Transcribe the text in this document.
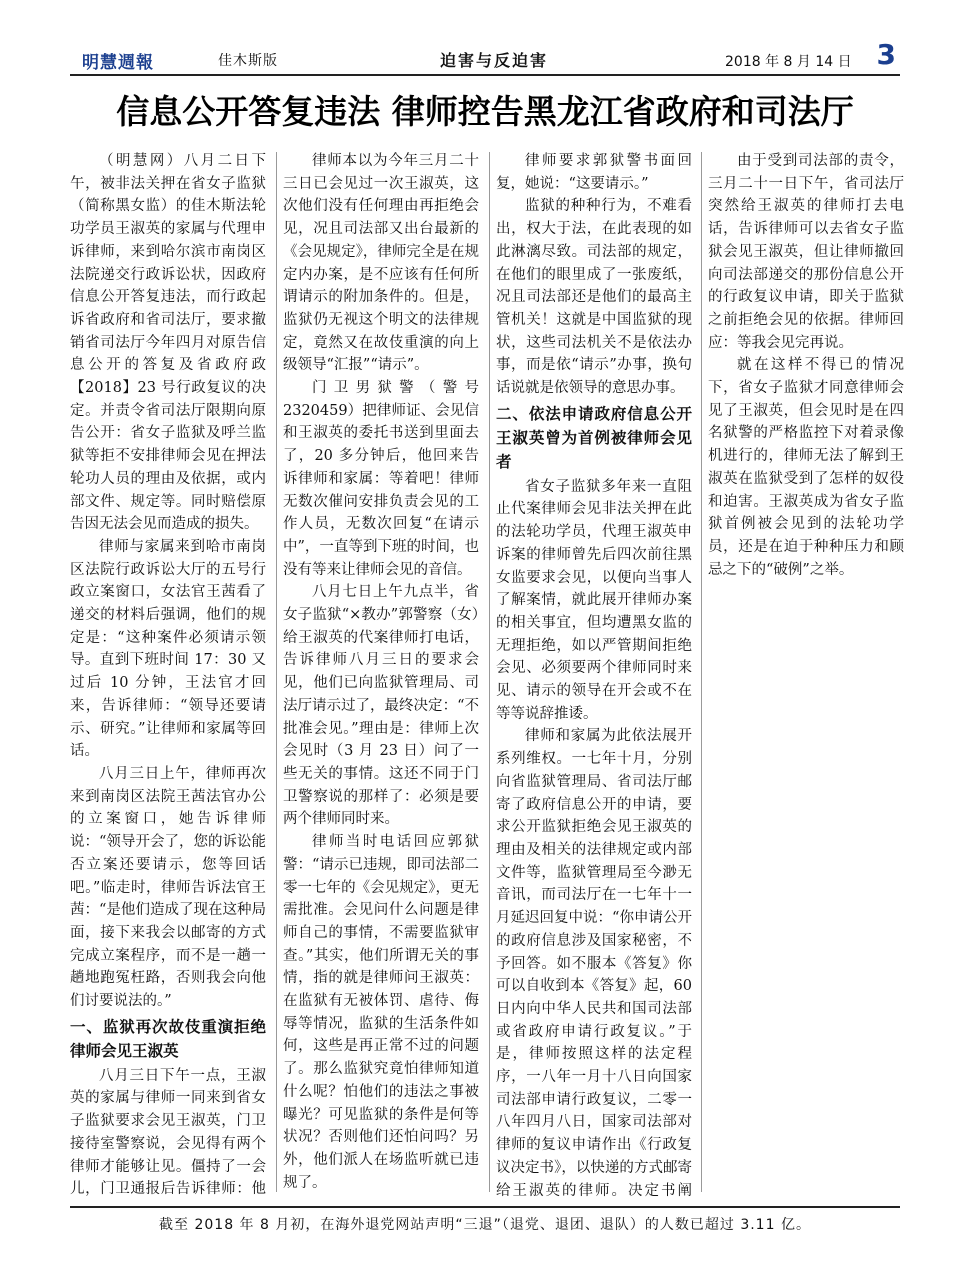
明慧週報	佳木斯版	迫害与反迫害	2018 年 8 月 14 日 3
信息公开答复违法 律师控告黑龙江省政府和司法厅

（明慧网）八月二日下午，被非法关押在省女子监狱（简称黑女监）的佳木斯法轮功学员王淑英的家属与代理申诉律师，来到哈尔滨市南岗区法院递交行政诉讼状，因政府信息公开答复违法，而行政起诉省政府和省司法厅，要求撤销省司法厅今年四月对原告信息公开的答复及省政府政【2018】23 号行政复议的决定。并责令省司法厅限期向原告公开：省女子监狱及呼兰监狱等拒不安排律师会见在押法轮功人员的理由及依据，或内部文件、规定等。同时赔偿原告因无法会见而造成的损失。

律师与家属来到哈市南岗区法院行政诉讼大厅的五号行政立案窗口，女法官王茜看了递交的材料后强调，他们的规定是：“这种案件必须请示领导。直到下班时间 17：30 又过后 10 分钟，王法官才回来，告诉律师：“领导还要请示、研究。”让律师和家属等回话。

八月三日上午，律师再次来到南岗区法院王茜法官办公的立案窗口，她告诉律师说：“领导开会了，您的诉讼能否立案还要请示，您等回话吧。”临走时，律师告诉法官王茜：“是他们造成了现在这种局面，接下来我会以邮寄的方式完成立案程序，而不是一趟一趟地跑冤枉路，否则我会向他们讨要说法的。”

一、监狱再次故伎重演拒绝律师会见王淑英

八月三日下午一点，王淑英的家属与律师一同来到省女子监狱要求会见王淑英，门卫接待室警察说，会见得有两个律师才能够让见。僵持了一会儿，门卫通报后告诉律师：他

律师本以为今年三月二十三日已会见过一次王淑英，这次他们没有任何理由再拒绝会见，况且司法部又出台最新的《会见规定》，律师完全是在规定内办案，是不应该有任何所谓请示的附加条件的。但是，监狱仍无视这个明文的法律规定，竟然又在故伎重演的向上级领导“汇报”“请示”。

门卫男狱警（警号2320459）把律师证、会见信和王淑英的委托书送到里面去了，20 多分钟后，他回来告诉律师和家属：等着吧！律师无数次催问安排负责会见的工作人员，无数次回复“在请示中”，一直等到下班的时间，也没有等来让律师会见的音信。

八月七日上午九点半，省女子监狱“×教办”郭警察（女）给王淑英的代案律师打电话，告诉律师八月三日的要求会见，他们已向监狱管理局、司法厅请示过了，最终决定：“不批准会见。”理由是：律师上次会见时（3 月 23 日）问了一些无关的事情。这还不同于门卫警察说的那样了：必须是要两个律师同时来。

律师当时电话回应郭狱警：“请示已违规，即司法部二零一七年的《会见规定》，更无需批准。会见问什么问题是律师自己的事情，不需要监狱审查。”其实，他们所谓无关的事情，指的就是律师问王淑英：在监狱有无被体罚、虐待、侮辱等情况，监狱的生活条件如何，这些是再正常不过的问题了。那么监狱究竟怕律师知道什么呢？怕他们的违法之事被曝光？可见监狱的条件是何等状况？否则他们还怕问吗？另外，他们派人在场监听就已违规了。

律师要求郭狱警书面回复，她说：“这要请示。”

监狱的种种行为，不难看出，权大于法，在此表现的如此淋漓尽致。司法部的规定，在他们的眼里成了一张废纸，况且司法部还是他们的最高主管机关！这就是中国监狱的现状，这些司法机关不是依法办事，而是依“请示”办事，换句话说就是依领导的意思办事。

二、依法申请政府信息公开 王淑英曾为首例被律师会见者

省女子监狱多年来一直阻止代案律师会见非法关押在此的法轮功学员，代理王淑英申诉案的律师曾先后四次前往黑女监要求会见，以便向当事人了解案情，就此展开律师办案的相关事宜，但均遭黑女监的无理拒绝，如以严管期间拒绝会见、必须要两个律师同时来见、请示的领导在开会或不在等等说辞推诿。

律师和家属为此依法展开系列维权。一七年十月，分别向省监狱管理局、省司法厅邮寄了政府信息公开的申请，要求公开监狱拒绝会见王淑英的理由及相关的法律规定或内部文件等，监狱管理局至今渺无音讯，而司法厅在一七年十一月延迟回复中说：“你申请公开的政府信息涉及国家秘密，不予回答。如不服本《答复》你可以自收到本《答复》起，60 日内向中华人民共和国司法部或省政府申请行政复议。”于是，律师按照这样的法定程序，一八年一月十八日向国家司法部申请行政复议，二零一八年四月八日，国家司法部对律师的复议申请作出《行政复议决定书》，以快递的方式邮寄给王淑英的律师。决定书阐

由于受到司法部的责令，三月二十一日下午，省司法厅突然给王淑英的律师打去电话，告诉律师可以去省女子监狱会见王淑英，但让律师撤回向司法部递交的那份信息公开的行政复议申请，即关于监狱之前拒绝会见的依据。律师回应：等我会见完再说。

就在这样不得已的情况下，省女子监狱才同意律师会见了王淑英，但会见时是在四名狱警的严格监控下对着录像机进行的，律师无法了解到王淑英在监狱受到了怎样的奴役和迫害。王淑英成为省女子监狱首例被会见到的法轮功学员，还是在迫于种种压力和顾忌之下的“破例”之举。

截至 2018 年 8 月初，在海外退党网站声明“三退”（退党、退团、退队）的人数已超过 3.11 亿。
